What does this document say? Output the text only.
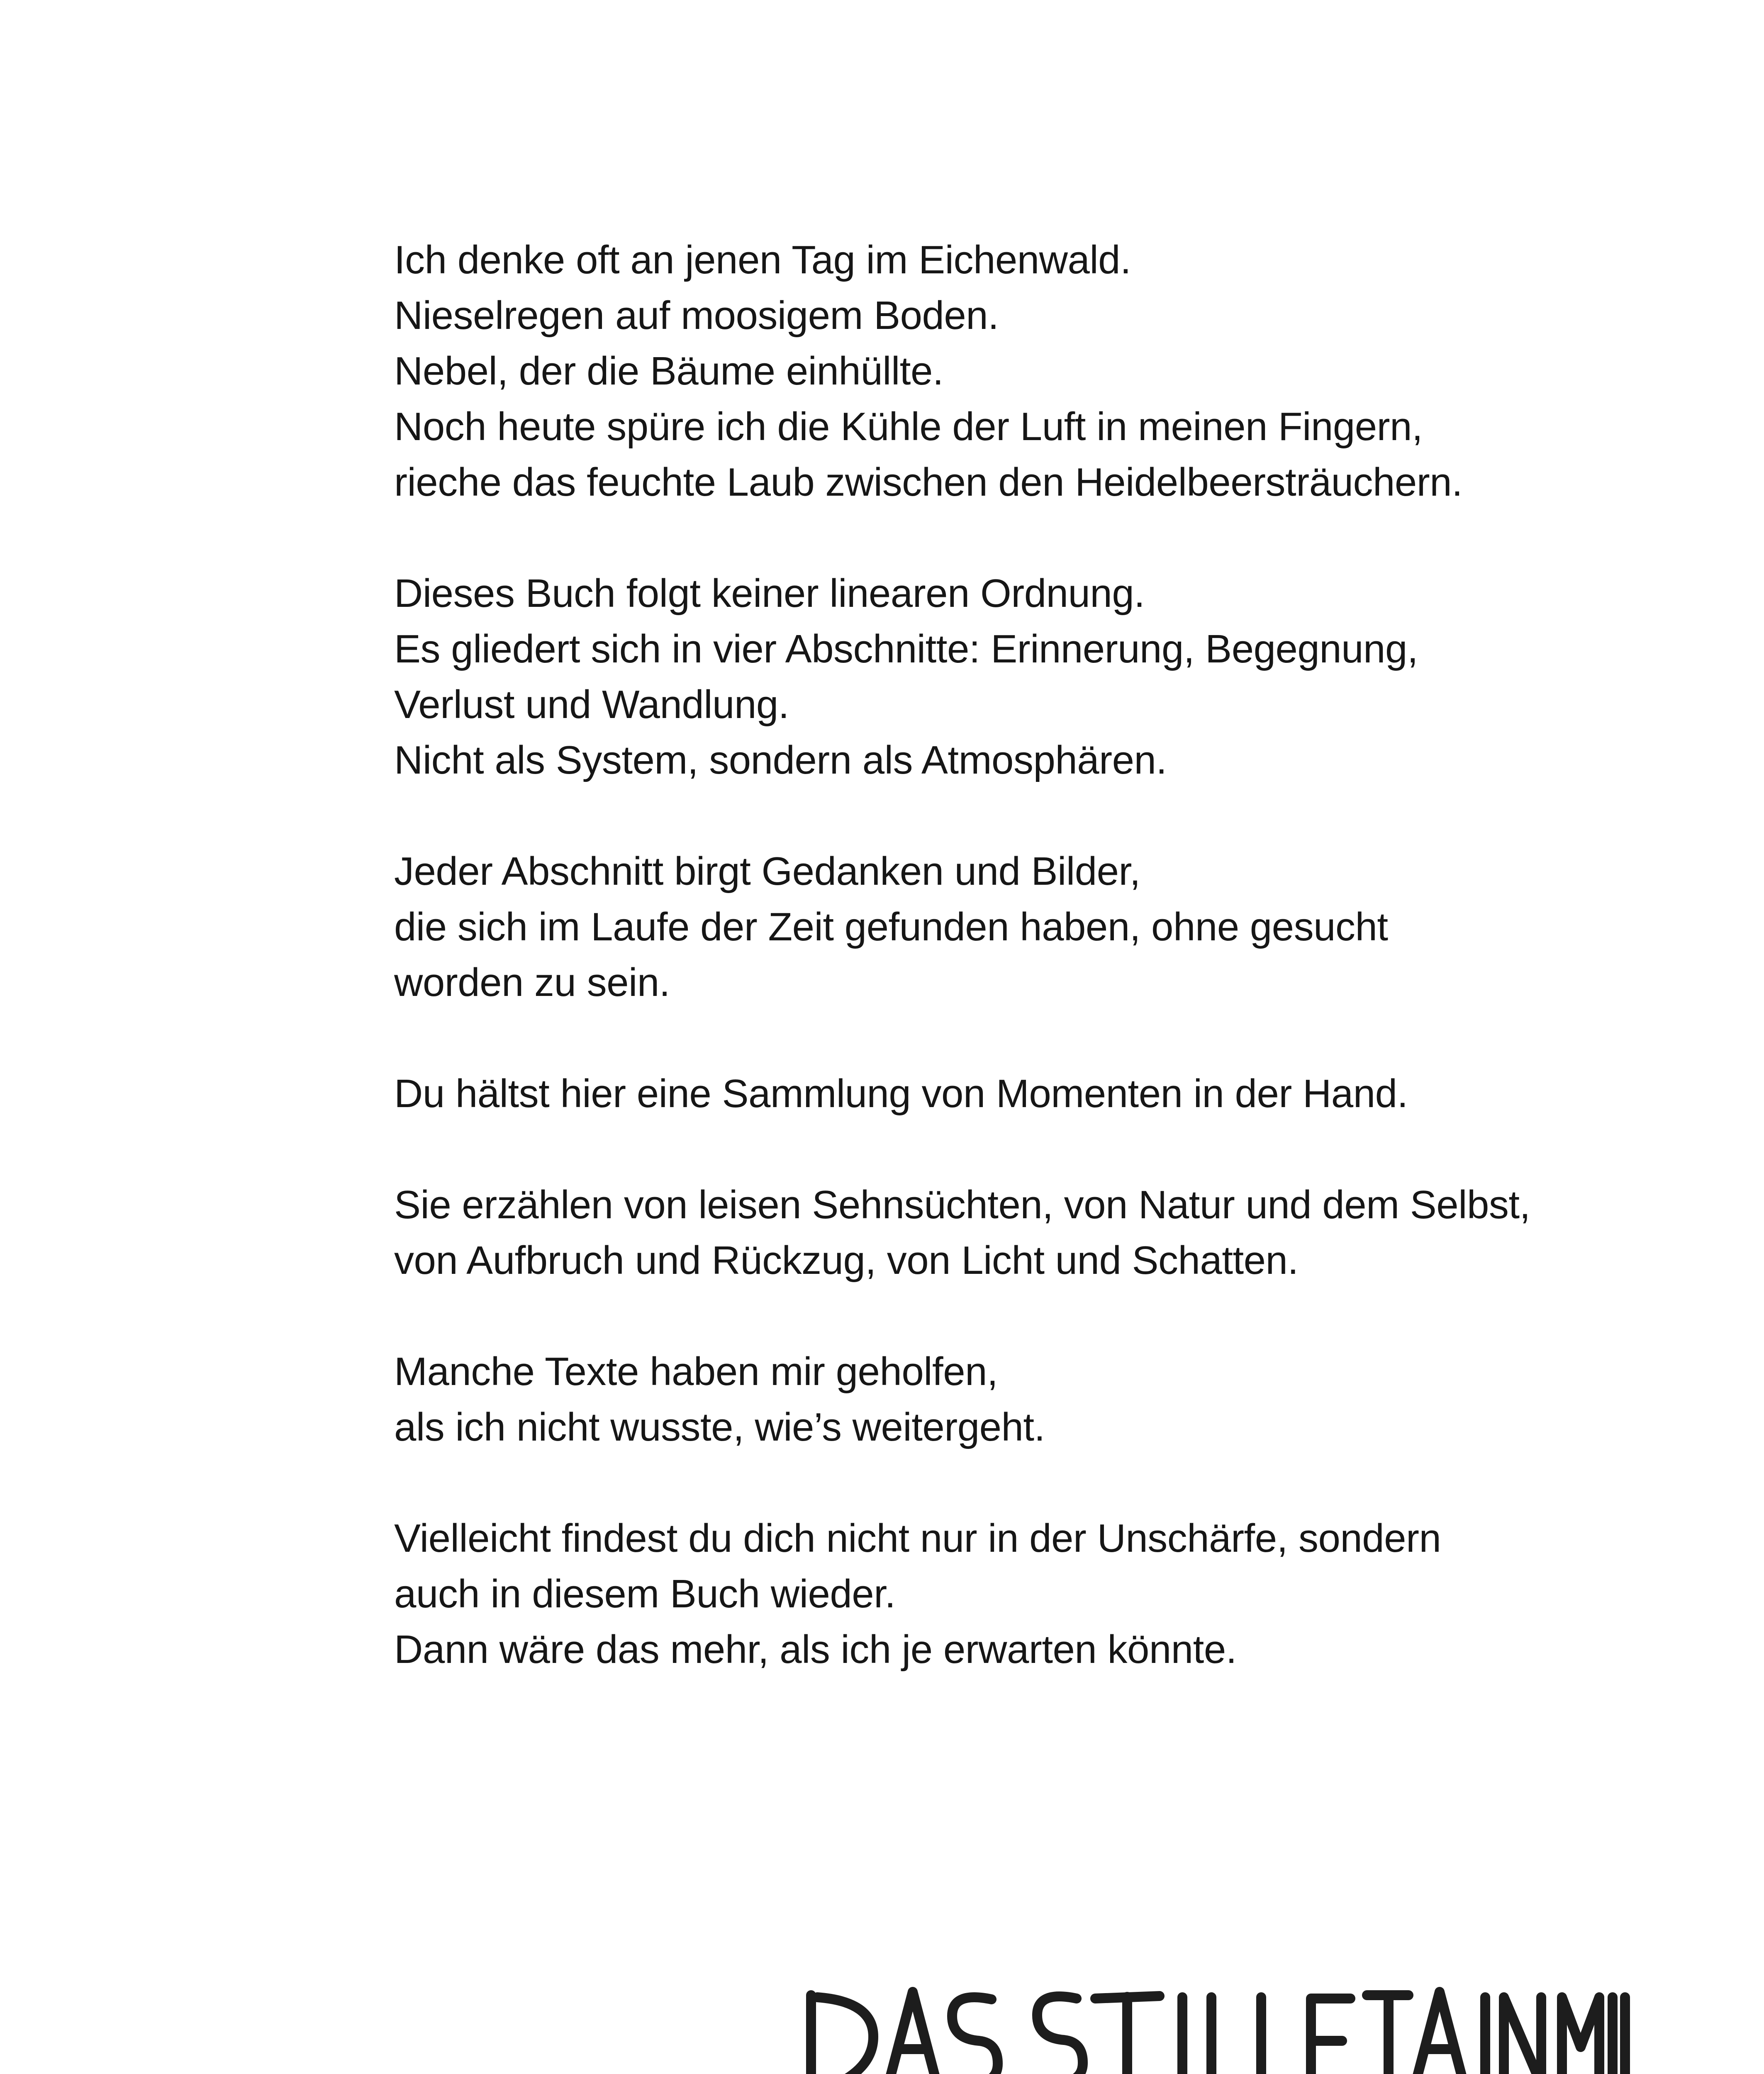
Ich denke oft an jenen Tag im Eichenwald.
Nieselregen auf moosigem Boden.
Nebel, der die Bäume einhüllte.
Noch heute spüre ich die Kühle der Luft in meinen Fingern,
rieche das feuchte Laub zwischen den Heidelbeersträuchern.
Dieses Buch folgt keiner linearen Ordnung.
Es gliedert sich in vier Abschnitte: Erinnerung, Begegnung,
Verlust und Wandlung.
Nicht als System, sondern als Atmosphären.
Jeder Abschnitt birgt Gedanken und Bilder,
die sich im Laufe der Zeit gefunden haben, ohne gesucht
worden zu sein.
Du hältst hier eine Sammlung von Momenten in der Hand.
Sie erzählen von leisen Sehnsüchten, von Natur und dem Selbst,
von Aufbruch und Rückzug, von Licht und Schatten.
Manche Texte haben mir geholfen,
als ich nicht wusste, wie’s weitergeht.
Vielleicht findest du dich nicht nur in der Unschärfe, sondern
auch in diesem Buch wieder.
Dann wäre das mehr, als ich je erwarten könnte.
